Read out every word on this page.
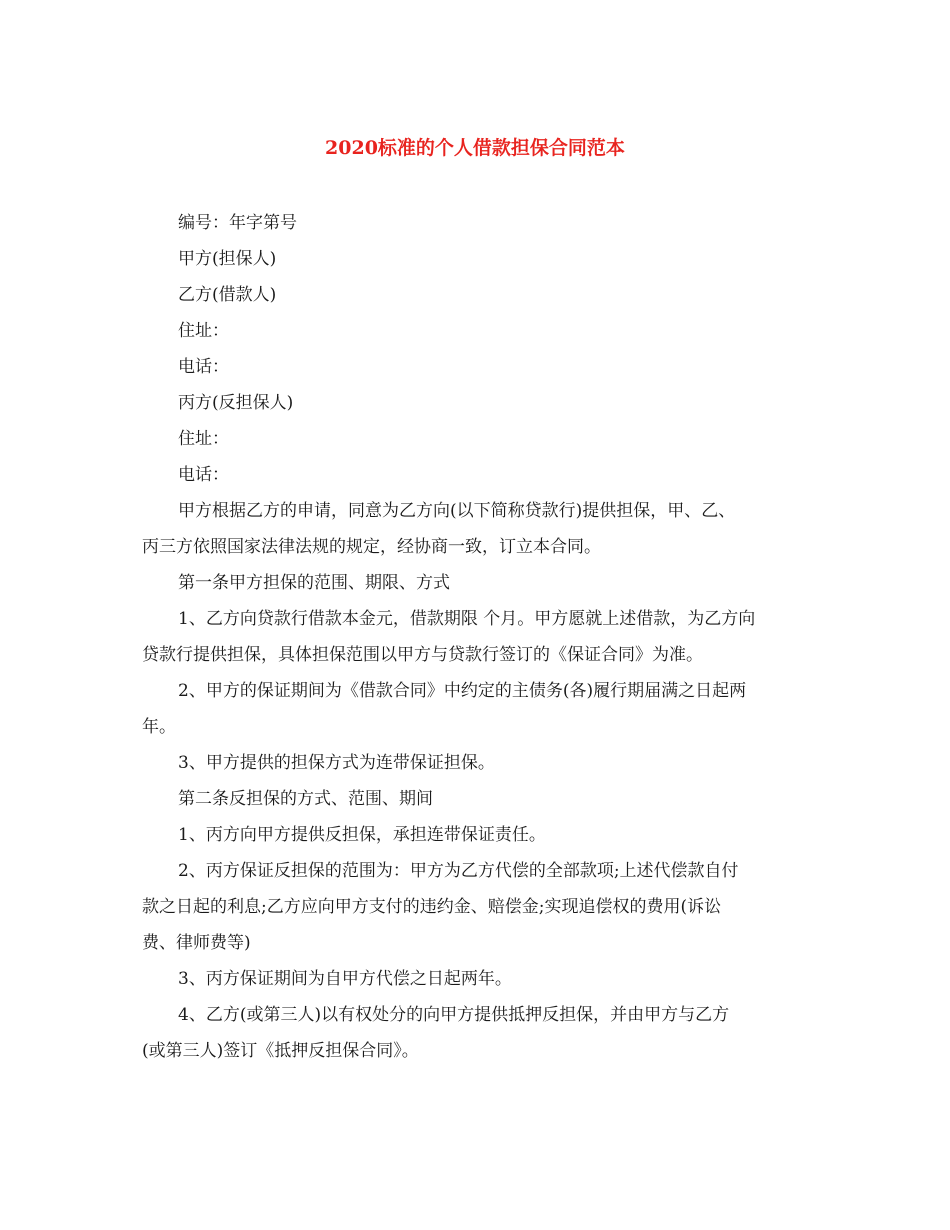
2020标准的个人借款担保合同范本
编号：年字第号
甲方(担保人)
乙方(借款人)
住址：
电话：
丙方(反担保人)
住址：
电话：
甲方根据乙方的申请，同意为乙方向(以下简称贷款行)提供担保，甲、乙、
丙三方依照国家法律法规的规定，经协商一致，订立本合同。
第一条甲方担保的范围、期限、方式
1、乙方向贷款行借款本金元，借款期限 个月。甲方愿就上述借款，为乙方向
贷款行提供担保，具体担保范围以甲方与贷款行签订的《保证合同》为准。
2、甲方的保证期间为《借款合同》中约定的主债务(各)履行期届满之日起两
年。
3、甲方提供的担保方式为连带保证担保。
第二条反担保的方式、范围、期间
1、丙方向甲方提供反担保，承担连带保证责任。
2、丙方保证反担保的范围为：甲方为乙方代偿的全部款项;上述代偿款自付
款之日起的利息;乙方应向甲方支付的违约金、赔偿金;实现追偿权的费用(诉讼
费、律师费等)
3、丙方保证期间为自甲方代偿之日起两年。
4、乙方(或第三人)以有权处分的向甲方提供抵押反担保，并由甲方与乙方
(或第三人)签订《抵押反担保合同》。
